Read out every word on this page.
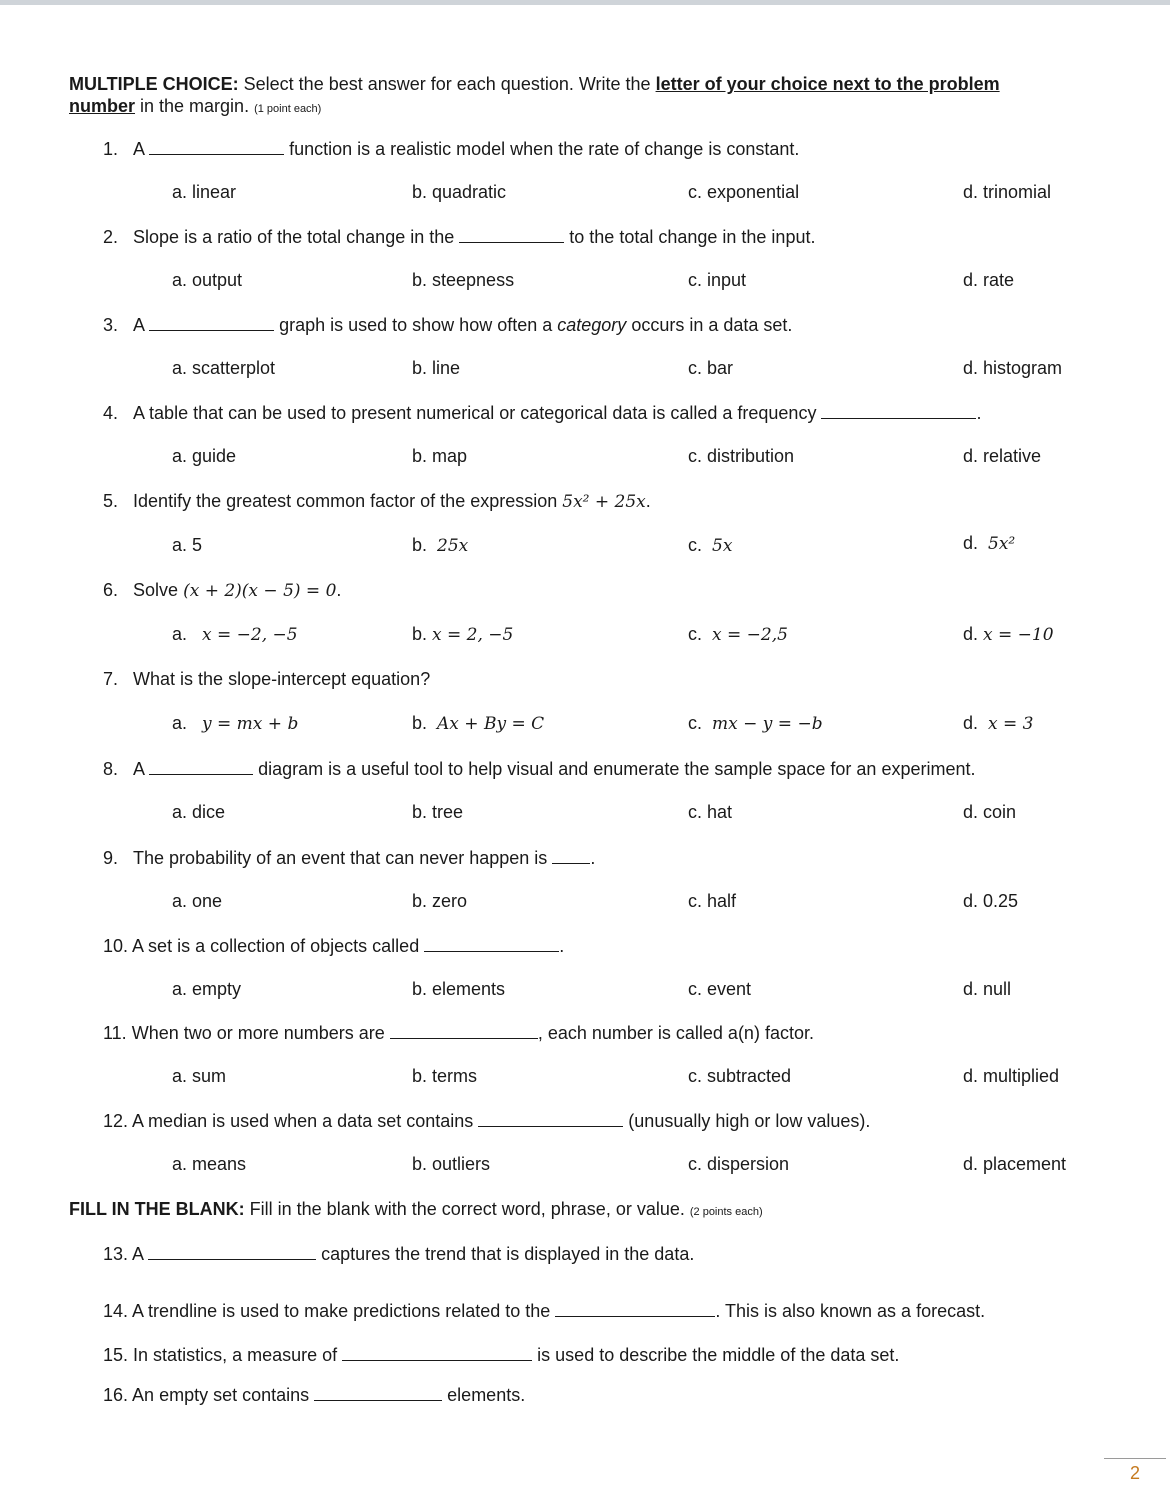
MULTIPLE CHOICE: Select the best answer for each question. Write the letter of your choice next to the problem
number in the margin. (1 point each)
1. A	function is a realistic model when the rate of change is constant.
a. linear	b. quadratic	c. exponential	d. trinomial
2. Slope is a ratio of the total change in the	to the total change in the input.
a. output	b. steepness	c. input	d. rate
3. A	graph is used to show how often a category occurs in a data set.
a. scatterplot	b. line	c. bar	d. histogram
4. A table that can be used to present numerical or categorical data is called a frequency	.
a. guide	b. map	c. distribution	d. relative
5. Identify the greatest common factor of the expression 5x² + 25x.
a. 5	b. 25x	c. 5x	d. 5x²
6. Solve (x + 2)(x − 5) = 0.
a. x = −2, −5	b. x = 2, −5	c. x = −2,5	d. x = −10
7. What is the slope-intercept equation?
a. y = mx + b	b. Ax + By = C	c. mx − y = −b	d. x = 3
8. A	diagram is a useful tool to help visual and enumerate the sample space for an experiment.
a. dice	b. tree	c. hat	d. coin
9. The probability of an event that can never happen is .
a. one	b. zero	c. half	d. 0.25
10. A set is a collection of objects called	.
a. empty	b. elements	c. event	d. null
11. When two or more numbers are	, each number is called a(n) factor.
a. sum	b. terms	c. subtracted	d. multiplied
12. A median is used when a data set contains	(unusually high or low values).
a. means	b. outliers	c. dispersion	d. placement
FILL IN THE BLANK: Fill in the blank with the correct word, phrase, or value. (2 points each)
13. A	captures the trend that is displayed in the data.
14. A trendline is used to make predictions related to the	. This is also known as a forecast.
15. In statistics, a measure of	is used to describe the middle of the data set.
16. An empty set contains	elements.
2
